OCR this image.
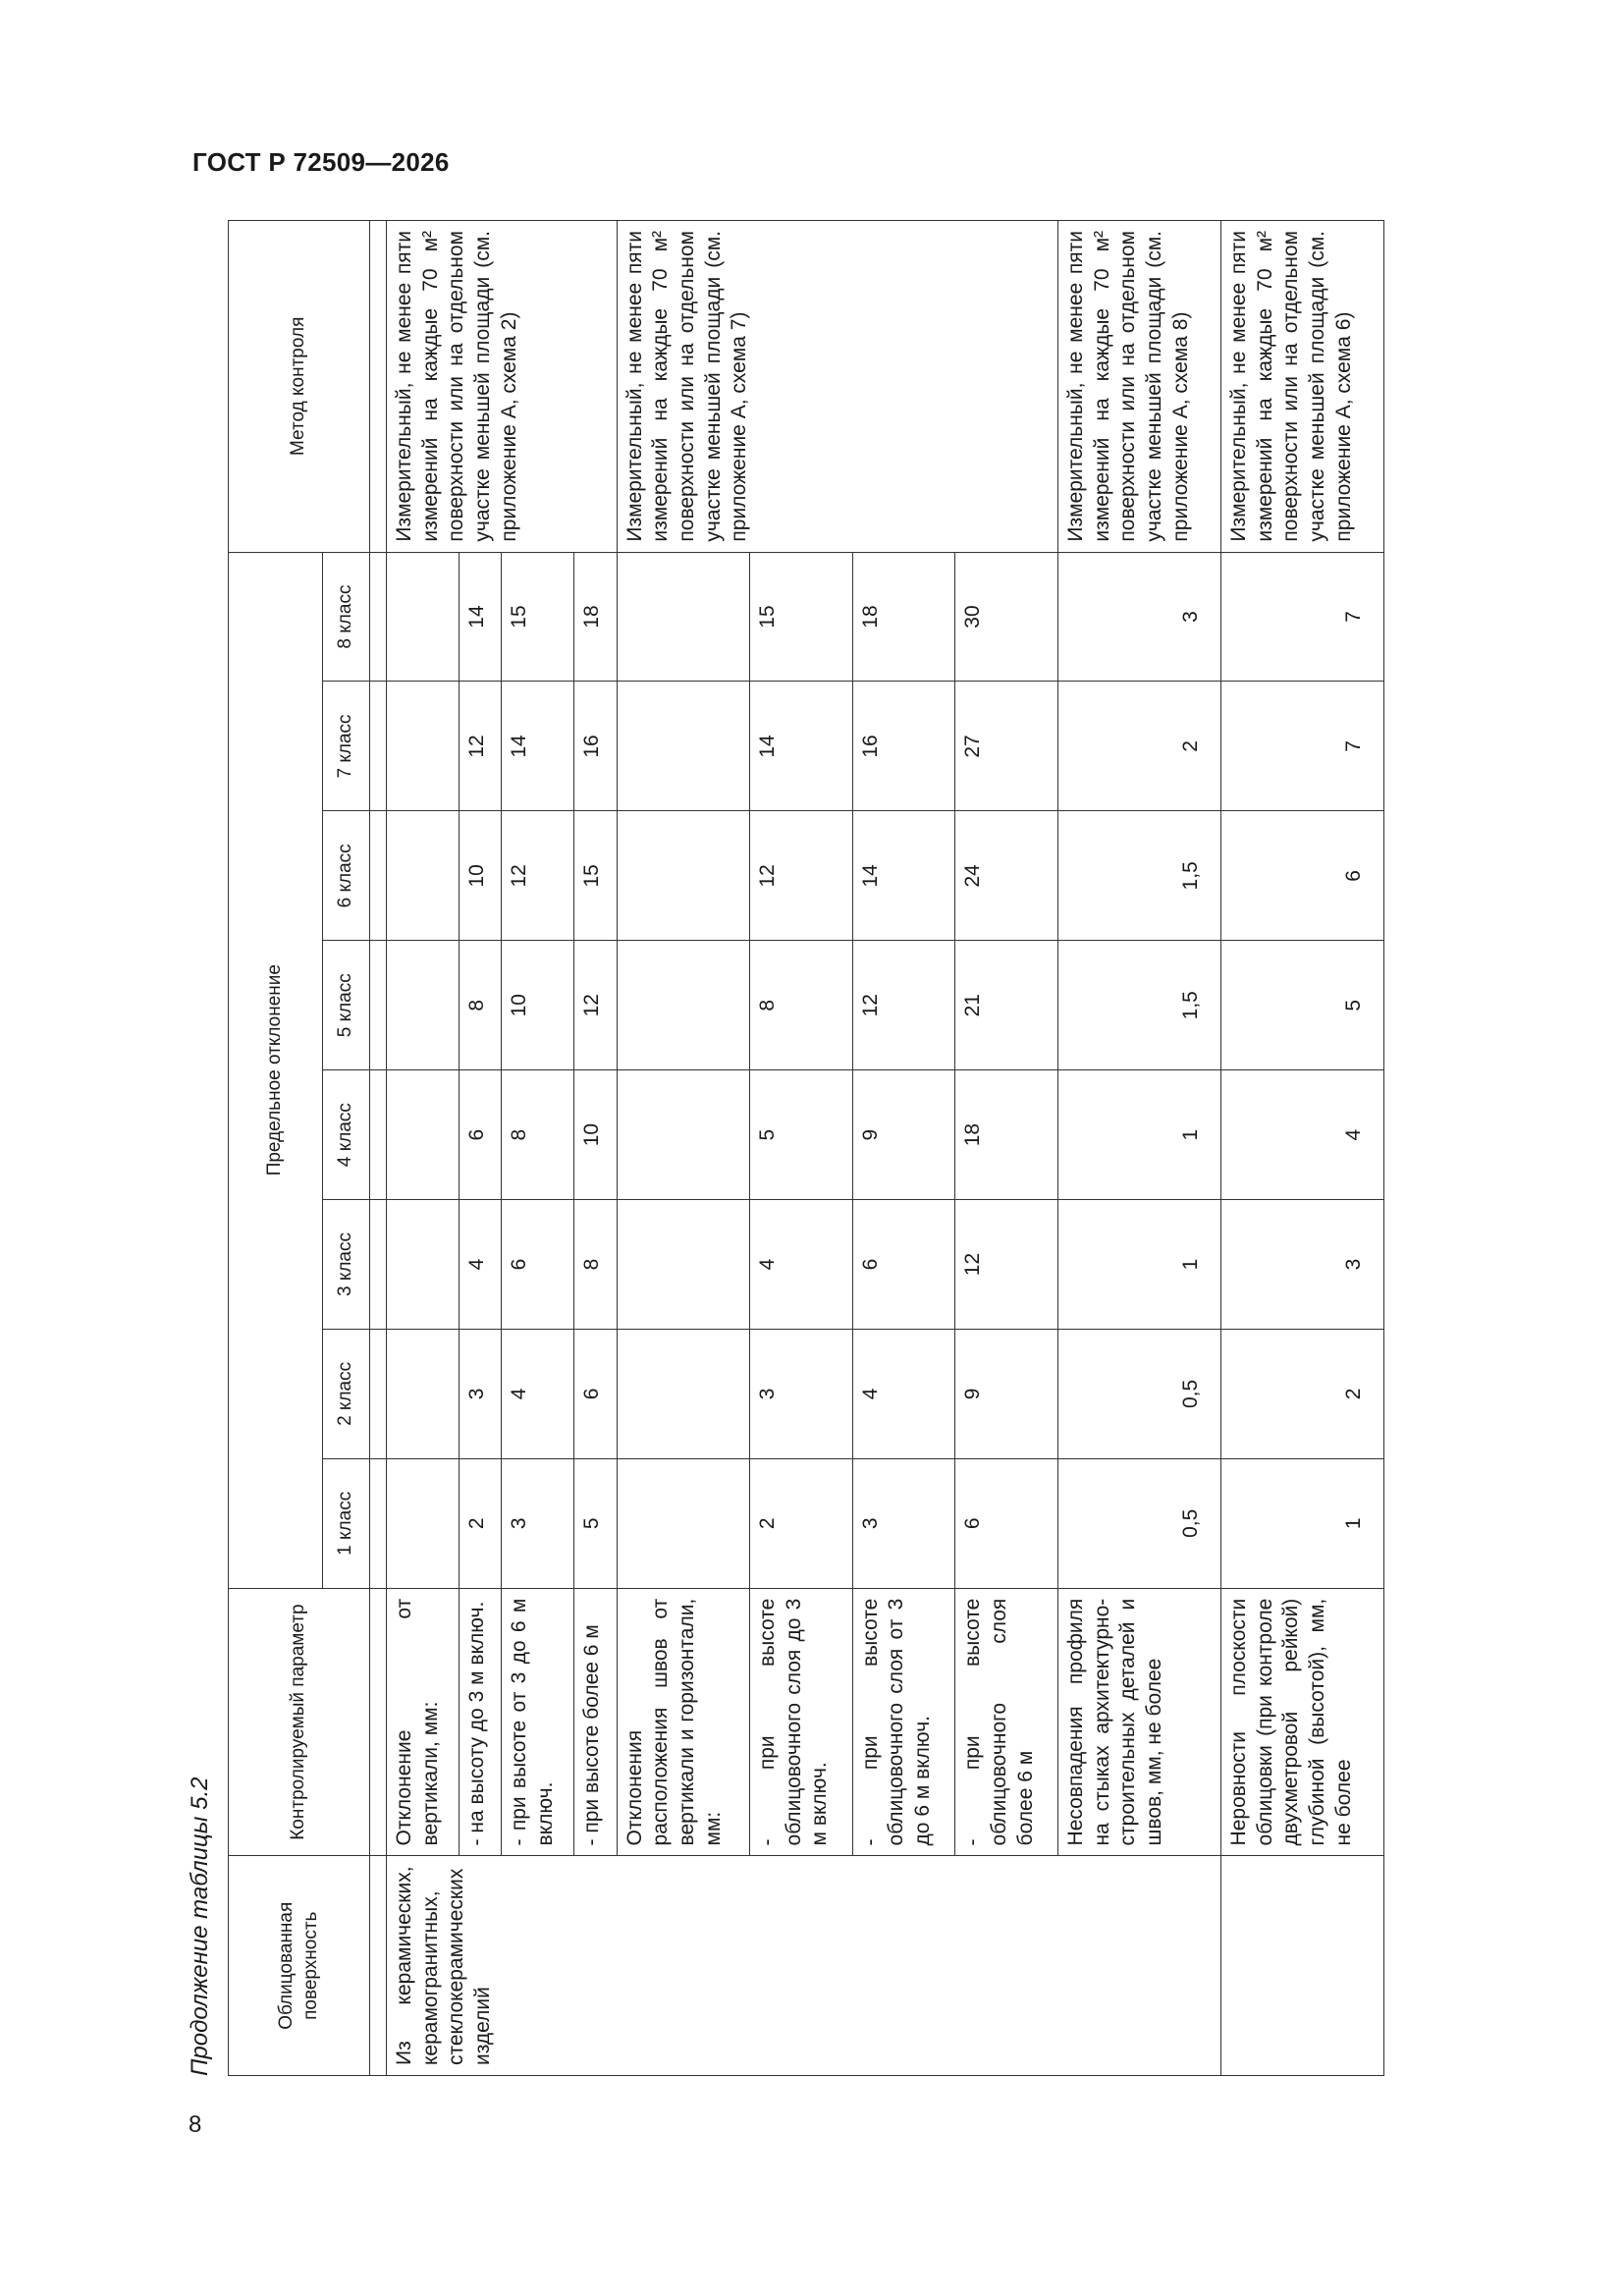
ГОСТ Р 72509—2026
8
Продолжение таблицы 5.2	Облицованная поверхность	Контролируемый параметр	Предельное отклонение								Метод контроля
		1 класс	2 класс	3 класс	4 класс	5 класс	6 класс	7 класс	8 класс	

Из керамических, керамогранитных, стеклокерамических изделий	Отклонение от вертикали, мм:									Измерительный, не менее пяти измерений на каждые 70 м² поверхности или на отдельном участке меньшей площади (см. приложение А, схема 2)
	- на высоту до 3 м включ.	2	3	4	6	8	10	12	14	
	- при высоте от 3 до 6 м включ.	3	4	6	8	10	12	14	15	
	- при высоте более 6 м	5	6	8	10	12	15	16	18	
	Отклонения расположения швов от вертикали и горизонтали, мм:									Измерительный, не менее пяти измерений на каждые 70 м² поверхности или на отдельном участке меньшей площади (см. приложение А, схема 7)
	- при высоте облицовочного слоя до 3 м включ.	2	3	4	5	8	12	14	15	
	- при высоте облицовочного слоя от 3 до 6 м включ.	3	4	6	9	12	14	16	18	
	- при высоте облицовочного слоя более 6 м	6	9	12	18	21	24	27	30	
	Несовпадения профиля на стыках архитектурно-строительных деталей и швов, мм, не более	0,5	0,5	1	1	1,5	1,5	2	3	Измерительный, не менее пяти измерений на каждые 70 м² поверхности или на отдельном участке меньшей площади (см. приложение А, схема 8)
	Неровности плоскости облицовки (при контроле двухметровой рейкой) глубиной (высотой), мм, не более	1	2	3	4	5	6	7	7	Измерительный, не менее пяти измерений на каждые 70 м² поверхности или на отдельном участке меньшей площади (см. приложение А, схема 6)
